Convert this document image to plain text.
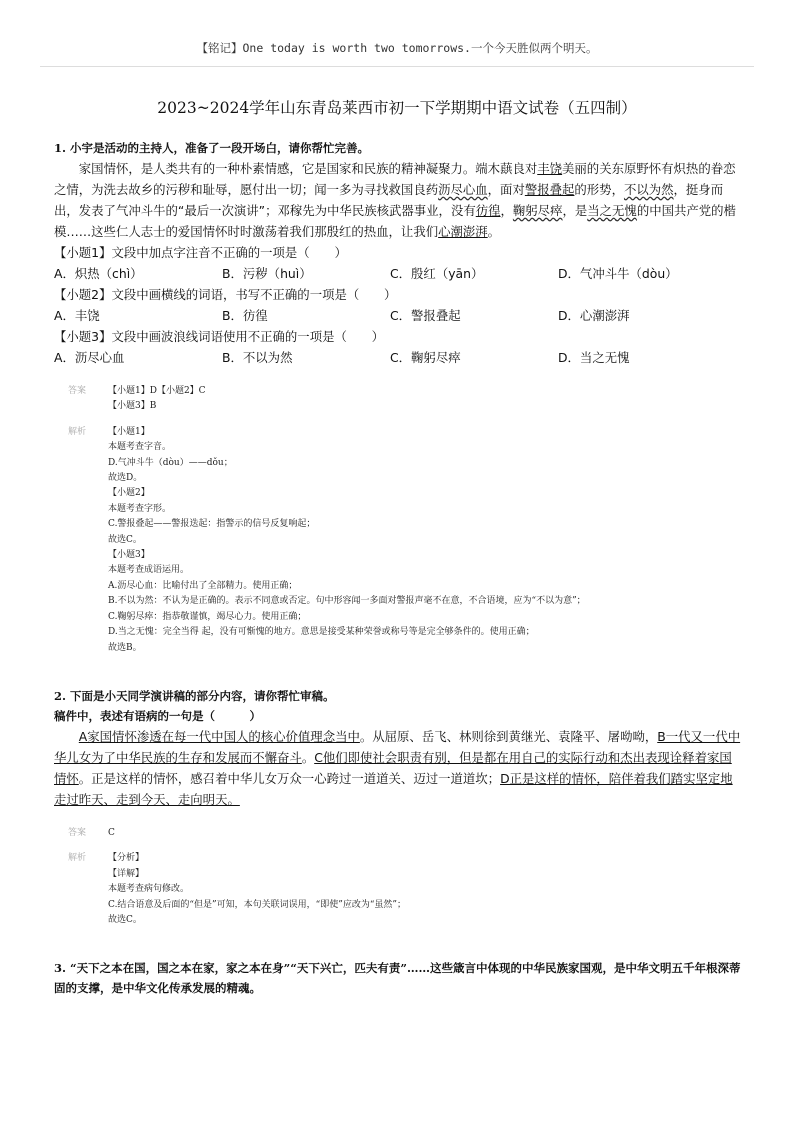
【铭记】One today is worth two tomorrows.一个今天胜似两个明天。
2023~2024学年山东青岛莱西市初一下学期期中语文试卷（五四制）
1. 小宇是活动的主持人，准备了一段开场白，请你帮忙完善。

家国情怀，是人类共有的一种朴素情感，它是国家和民族的精神凝聚力。端木蕻良对丰饶美丽的关东原野怀有炽热的眷恋之情，为洗去故乡的污秽和耻辱，愿付出一切；闻一多为寻找救国良药沥尽心血，面对警报叠起的形势，不以为然，挺身而出，发表了气冲斗牛的“最后一次演讲”；邓稼先为中华民族核武器事业，没有彷徨，鞠躬尽瘁，是当之无愧的中国共产党的楷模……这些仁人志士的爱国情怀时时激荡着我们那殷红的热血，让我们心潮澎湃。

【小题1】文段中加点字注音不正确的一项是（　　）
A．炽热（chì）	B．污秽（huì）	C．殷红（yān）	D．气冲斗牛（dòu）
【小题2】文段中画横线的词语，书写不正确的一项是（　　）
A．丰饶	B．彷徨	C．警报叠起	D．心潮澎湃
【小题3】文段中画波浪线词语使用不正确的一项是（　　）
A．沥尽心血	B．不以为然	C．鞠躬尽瘁	D．当之无愧
答案	【小题1】D【小题2】C
【小题3】B
解析	【小题1】
本题考查字音。
D.气冲斗牛（dòu）——dǒu；
故选D。
【小题2】
本题考查字形。
C.警报叠起——警报迭起：指警示的信号反复响起；
故选C。
【小题3】
本题考查成语运用。
A.沥尽心血：比喻付出了全部精力。使用正确；
B.不以为然：不认为是正确的。表示不同意或否定。句中形容闻一多面对警报声毫不在意，不合语境，应为“不以为意”；
C.鞠躬尽瘁：指恭敬谨慎，竭尽心力。使用正确；
D.当之无愧：完全当得 起，没有可惭愧的地方。意思是接受某种荣誉或称号等是完全够条件的。使用正确；
故选B。
2. 下面是小天同学演讲稿的部分内容，请你帮忙审稿。
稿件中，表述有语病的一句是（　　　）

A家国情怀渗透在每一代中国人的核心价值理念当中。从屈原、岳飞、林则徐到黄继光、袁隆平、屠呦呦，B一代又一代中华儿女为了中华民族的生存和发展而不懈奋斗。C他们即使社会职责有别，但是都在用自己的实际行动和杰出表现诠释着家国情怀。正是这样的情怀，感召着中华儿女万众一心跨过一道道关、迈过一道道坎；D正是这样的情怀，陪伴着我们踏实坚定地走过昨天、走到今天、走向明天。

答案	C
解析	【分析】
【详解】
本题考查病句修改。
C.结合语意及后面的“但是”可知，本句关联词误用，“即使”应改为“虽然”；
故选C。
3. “天下之本在国，国之本在家，家之本在身”“天下兴亡，匹夫有责”……这些箴言中体现的中华民族家国观，是中华文明五千年根深蒂固的支撑，是中华文化传承发展的精魂。
